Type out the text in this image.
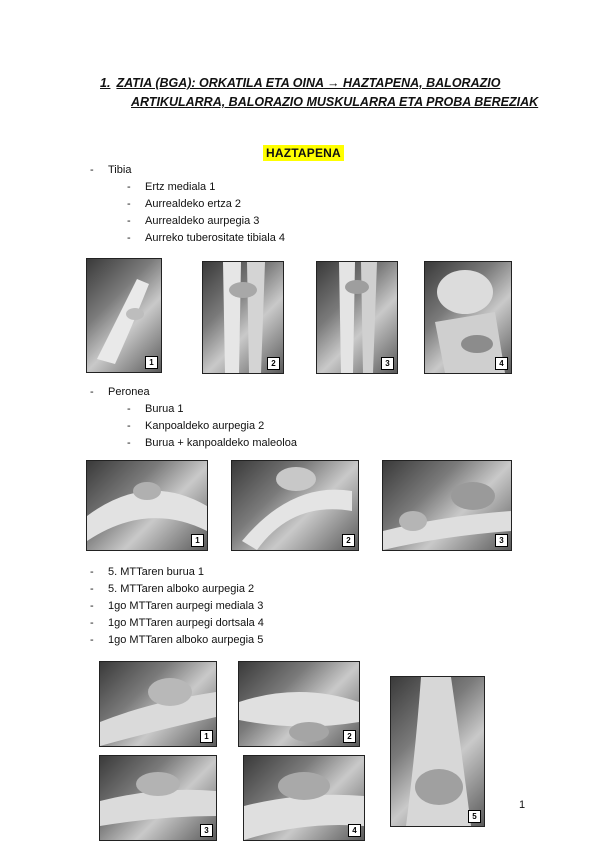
1. ZATIA (BGA): ORKATILA ETA OINA → HAZTAPENA, BALORAZIO
ARTIKULARRA, BALORAZIO MUSKULARRA ETA PROBA BEREZIAK
HAZTAPENA
- Tibia
- Ertz mediala 1
- Aurrealdeko ertza 2
- Aurrealdeko aurpegia 3
- Aurreko tuberositate tibiala 4
1	2	3	4
- Peronea
- Burua 1
- Kanpoaldeko aurpegia 2
- Burua + kanpoaldeko maleoloa
1	2	3
- 5. MTTaren burua 1
- 5. MTTaren alboko aurpegia 2
- 1go MTTaren aurpegi mediala 3
- 1go MTTaren aurpegi dortsala 4
- 1go MTTaren alboko aurpegia 5
1	2
5
3	4
1
